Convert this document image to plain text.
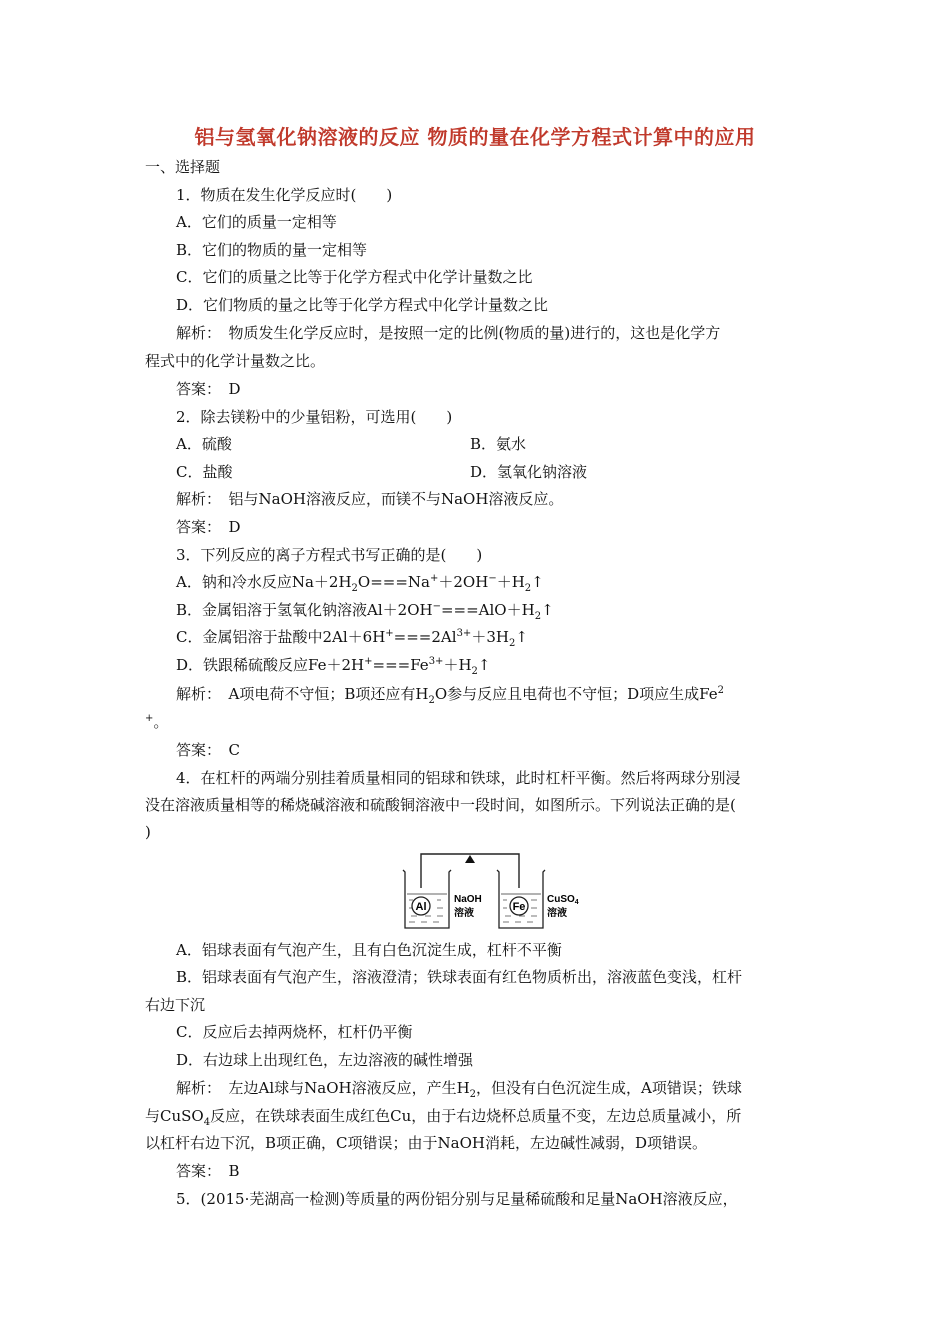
铝与氢氧化钠溶液的反应 物质的量在化学方程式计算中的应用
一、选择题
1．物质在发生化学反应时(　　)
A．它们的质量一定相等
B．它们的物质的量一定相等
C．它们的质量之比等于化学方程式中化学计量数之比
D．它们物质的量之比等于化学方程式中化学计量数之比
解析：　物质发生化学反应时，是按照一定的比例(物质的量)进行的，这也是化学方
程式中的化学计量数之比。
答案：　D
2．除去镁粉中的少量铝粉，可选用(　　)
A．硫酸	B．氨水
C．盐酸	D．氢氧化钠溶液
解析：　铝与NaOH溶液反应，而镁不与NaOH溶液反应。
答案：　D
3．下列反应的离子方程式书写正确的是(　　)
A．钠和冷水反应$Na+2H_2O===Na^++2OH^-+H_2↑$
B．金属铝溶于氢氧化钠溶液$Al+2OH^-===AlO+H_2↑$
C．金属铝溶于盐酸中$2Al+6H^+===2Al^{3+}+3H_2↑$
D．铁跟稀硫酸反应$Fe+2H^+===Fe^{3+}+H_2↑$
解析：　A项电荷不守恒；B项还应有$H_2O$参与反应且电荷也不守恒；D项应生成Fe$^2$
+。
答案：　C
4．在杠杆的两端分别挂着质量相同的铝球和铁球，此时杠杆平衡。然后将两球分别浸
没在溶液质量相等的稀烧碱溶液和硫酸铜溶液中一段时间，如图所示。下列说法正确的是(
)
Al
NaOH
溶液
Fe
CuSO$_4$
溶液
A．铝球表面有气泡产生，且有白色沉淀生成，杠杆不平衡
B．铝球表面有气泡产生，溶液澄清；铁球表面有红色物质析出，溶液蓝色变浅，杠杆
右边下沉
C．反应后去掉两烧杯，杠杆仍平衡
D．右边球上出现红色，左边溶液的碱性增强
解析：　左边Al球与NaOH溶液反应，产生$H_2$，但没有白色沉淀生成，A项错误；铁球
与CuSO$_4$反应，在铁球表面生成红色Cu，由于右边烧杯总质量不变，左边总质量减小，所
以杠杆右边下沉，B项正确，C项错误；由于NaOH消耗，左边碱性减弱，D项错误。
答案：　B
5．(2015·芜湖高一检测)等质量的两份铝分别与足量稀硫酸和足量NaOH溶液反应，
